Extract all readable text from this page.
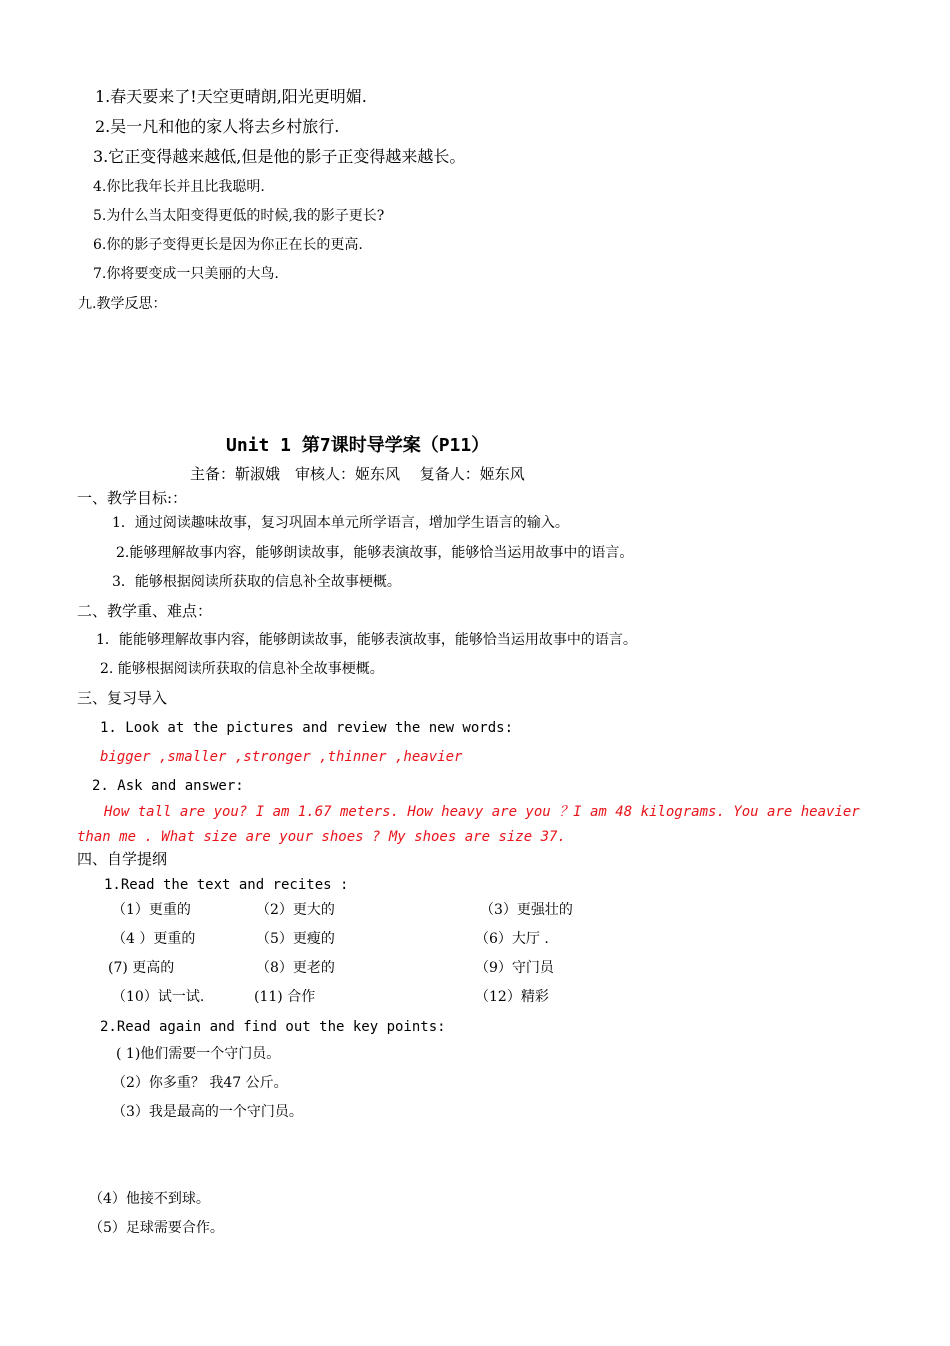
1.春天要来了!天空更晴朗,阳光更明媚.
2.吴一凡和他的家人将去乡村旅行.
3.它正变得越来越低,但是他的影子正变得越来越长。
4.你比我年长并且比我聪明.
5.为什么当太阳变得更低的时候,我的影子更长?
6.你的影子变得更长是因为你正在长的更高.
7.你将要变成一只美丽的大鸟.
九.教学反思：
Unit 1 第7课时导学案（P11）
主备：靳淑娥　审核人：姬东风　 复备人：姬东风
一、教学目标:：
1．通过阅读趣味故事，复习巩固本单元所学语言，增加学生语言的输入。
2.能够理解故事内容，能够朗读故事，能够表演故事，能够恰当运用故事中的语言。
3．能够根据阅读所获取的信息补全故事梗概。
二、教学重、难点：
1．能能够理解故事内容，能够朗读故事，能够表演故事，能够恰当运用故事中的语言。
2. 能够根据阅读所获取的信息补全故事梗概。
三、复习导入
1. Look at the pictures and review the new words:
bigger ,smaller ,stronger ,thinner ,heavier
2. Ask and answer:
How tall are you? I am 1.67 meters. How heavy are you ？I am 48 kilograms. You are heavier
than me . What size are your shoes ? My shoes are size 37.
四、自学提纲
1.Read the text and recites :
（1）更重的	（2）更大的	（3）更强壮的
（4 ）更重的	（5）更瘦的	（6）大厅 .
(7) 更高的	（8）更老的	（9）守门员
（10）试一试.	(11) 合作	（12）精彩
2.Read again and find out the key points:
( 1)他们需要一个守门员。
（2）你多重？ 我47 公斤。
（3）我是最高的一个守门员。
（4）他接不到球。
（5）足球需要合作。
